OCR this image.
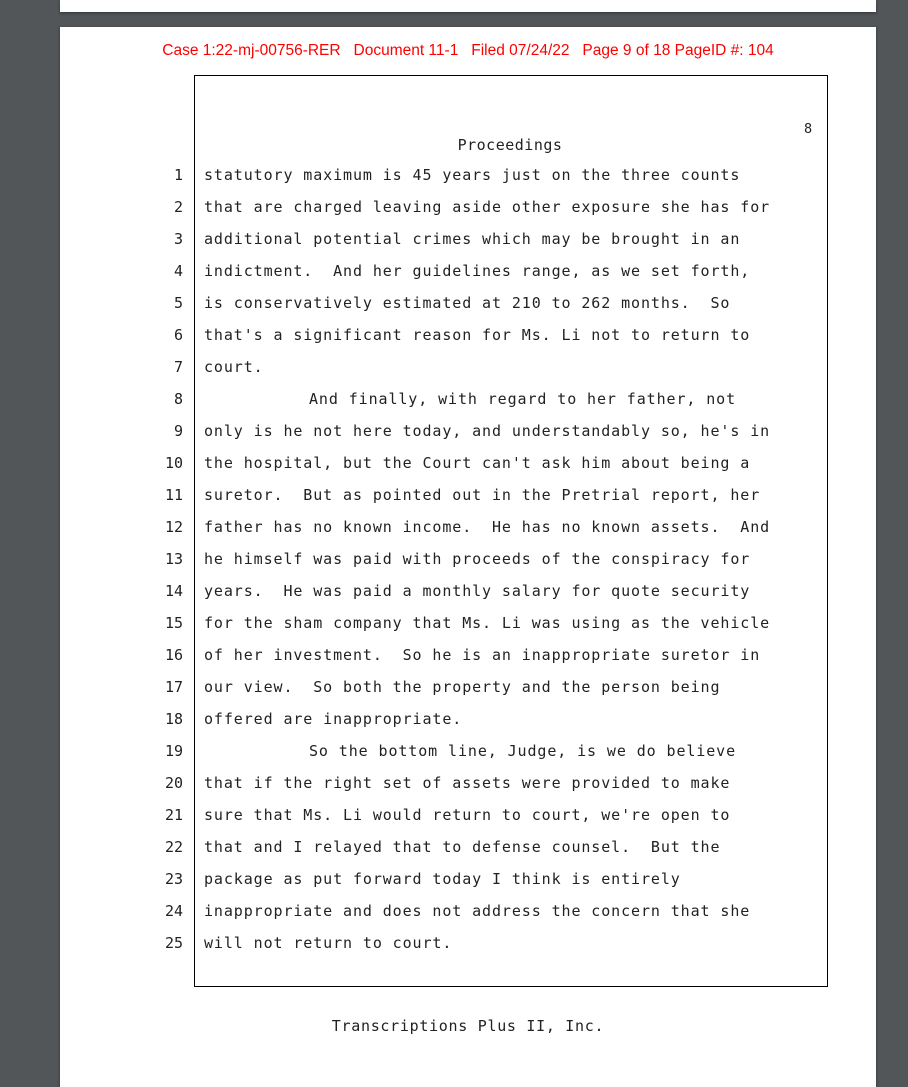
Case 1:22-mj-00756-RER   Document 11-1   Filed 07/24/22   Page 9 of 18 PageID #: 104
8
Proceedings
1 statutory maximum is 45 years just on the three counts
2 that are charged leaving aside other exposure she has for
3 additional potential crimes which may be brought in an
4 indictment.  And her guidelines range, as we set forth,
5 is conservatively estimated at 210 to 262 months.  So
6 that's a significant reason for Ms. Li not to return to
7 court.
8	And finally, with regard to her father, not
9 only is he not here today, and understandably so, he's in
10 the hospital, but the Court can't ask him about being a
11 suretor.  But as pointed out in the Pretrial report, her
12 father has no known income.  He has no known assets.  And
13 he himself was paid with proceeds of the conspiracy for
14 years.  He was paid a monthly salary for quote security
15 for the sham company that Ms. Li was using as the vehicle
16 of her investment.  So he is an inappropriate suretor in
17 our view.  So both the property and the person being
18 offered are inappropriate.
19	So the bottom line, Judge, is we do believe
20 that if the right set of assets were provided to make
21 sure that Ms. Li would return to court, we're open to
22 that and I relayed that to defense counsel.  But the
23 package as put forward today I think is entirely
24 inappropriate and does not address the concern that she
25 will not return to court.
Transcriptions Plus II, Inc.
